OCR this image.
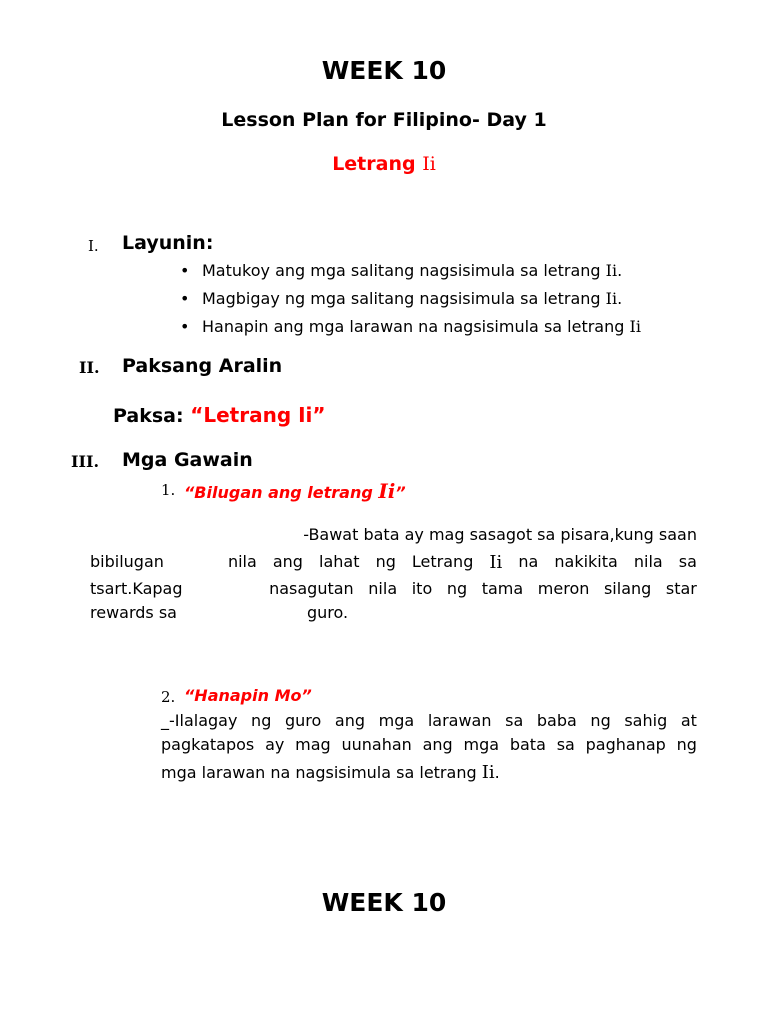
WEEK 10
Lesson Plan for Filipino- Day 1
Letrang Ii
I. Layunin:
• Matukoy ang mga salitang nagsisimula sa letrang Ii.
• Magbigay ng mga salitang nagsisimula sa letrang Ii.
• Hanapin ang mga larawan na nagsisimula sa letrang Ii
II. Paksang Aralin
Paksa: “Letrang Ii”
III. Mga Gawain
1. “Bilugan ang letrang Ii”
-Bawat bata ay mag sasagot sa pisara,kung saan
bibilugan	nila ang lahat ng Letrang Ii na nakikita nila sa
tsart.Kapag	nasagutan nila ito ng tama meron silang star
rewards sa	guro.
2. “Hanapin Mo”
_-Ilalagay ng guro ang mga larawan sa baba ng sahig at
pagkatapos ay mag uunahan ang mga bata sa paghanap ng
mga larawan na nagsisimula sa letrang Ii.
WEEK 10
